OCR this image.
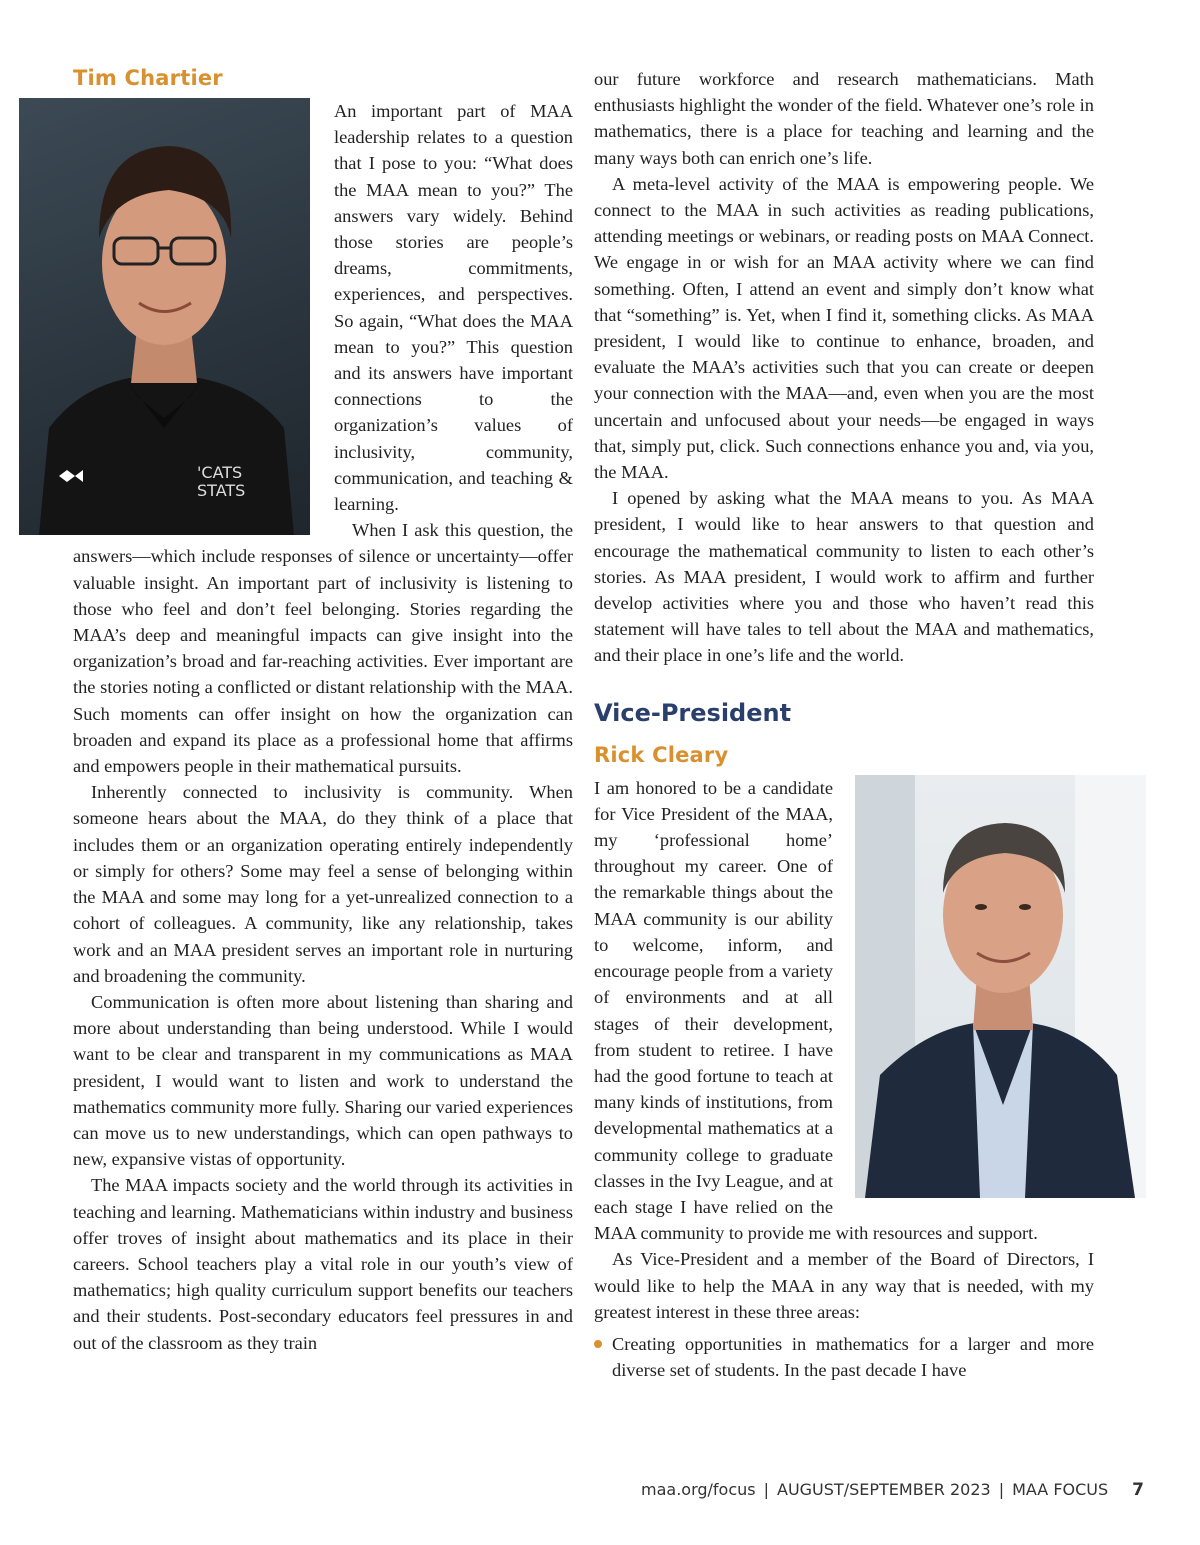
Tim Chartier
'CATS
STATS

An important part of MAA leadership relates to a question that I pose to you: “What does the MAA mean to you?” The answers vary widely. Behind those stories are people’s dreams, commitments, experiences, and perspectives. So again, “What does the MAA mean to you?” This question and its answers have important connections to the organization’s values of inclusivity, community, communication, and teaching & learning.

When I ask this question, the answers—which include responses of silence or uncertainty—offer valuable insight. An important part of inclusivity is listening to those who feel and don’t feel belonging. Stories regarding the MAA’s deep and meaningful impacts can give insight into the organization’s broad and far-reaching activities. Ever important are the stories noting a conflicted or distant relationship with the MAA. Such moments can offer insight on how the organization can broaden and expand its place as a professional home that affirms and empowers people in their mathematical pursuits.

Inherently connected to inclusivity is community. When someone hears about the MAA, do they think of a place that includes them or an organization operating entirely independently or simply for others? Some may feel a sense of belonging within the MAA and some may long for a yet-unrealized connection to a cohort of colleagues. A community, like any relationship, takes work and an MAA president serves an important role in nurturing and broadening the community.

Communication is often more about listening than sharing and more about understanding than being understood. While I would want to be clear and transparent in my communications as MAA president, I would want to listen and work to understand the mathematics community more fully. Sharing our varied experiences can move us to new understandings, which can open pathways to new, expansive vistas of opportunity.

The MAA impacts society and the world through its activities in teaching and learning. Mathematicians within industry and business offer troves of insight about mathematics and its place in their careers. School teachers play a vital role in our youth’s view of mathematics; high quality curriculum support benefits our teachers and their students. Post-secondary educators feel pressures in and out of the classroom as they train

our future workforce and research mathematicians. Math enthusiasts highlight the wonder of the field. Whatever one’s role in mathematics, there is a place for teaching and learning and the many ways both can enrich one’s life.

A meta-level activity of the MAA is empowering people. We connect to the MAA in such activities as reading publications, attending meetings or webinars, or reading posts on MAA Connect. We engage in or wish for an MAA activity where we can find something. Often, I attend an event and simply don’t know what that “something” is. Yet, when I find it, something clicks. As MAA president, I would like to continue to enhance, broaden, and evaluate the MAA’s activities such that you can create or deepen your connection with the MAA—and, even when you are the most uncertain and unfocused about your needs—be engaged in ways that, simply put, click. Such connections enhance you and, via you, the MAA.

I opened by asking what the MAA means to you. As MAA president, I would like to hear answers to that question and encourage the mathematical community to listen to each other’s stories. As MAA president, I would work to affirm and further develop activities where you and those who haven’t read this statement will have tales to tell about the MAA and mathematics, and their place in one’s life and the world.

Vice-President
Rick Cleary

I am honored to be a candidate for Vice President of the MAA, my ‘professional home’ throughout my career. One of the remarkable things about the MAA community is our ability to welcome, inform, and encourage people from a variety of environments and at all stages of their development, from student to retiree. I have had the good fortune to teach at many kinds of institutions, from developmental mathematics at a community college to graduate classes in the Ivy League, and at each stage I have relied on the MAA community to provide me with resources and support.

As Vice-President and a member of the Board of Directors, I would like to help the MAA in any way that is needed, with my greatest interest in these three areas:

Creating opportunities in mathematics for a larger and more diverse set of students. In the past decade I have
maa.org/focus | AUGUST/SEPTEMBER 2023 | MAA FOCUS 7
